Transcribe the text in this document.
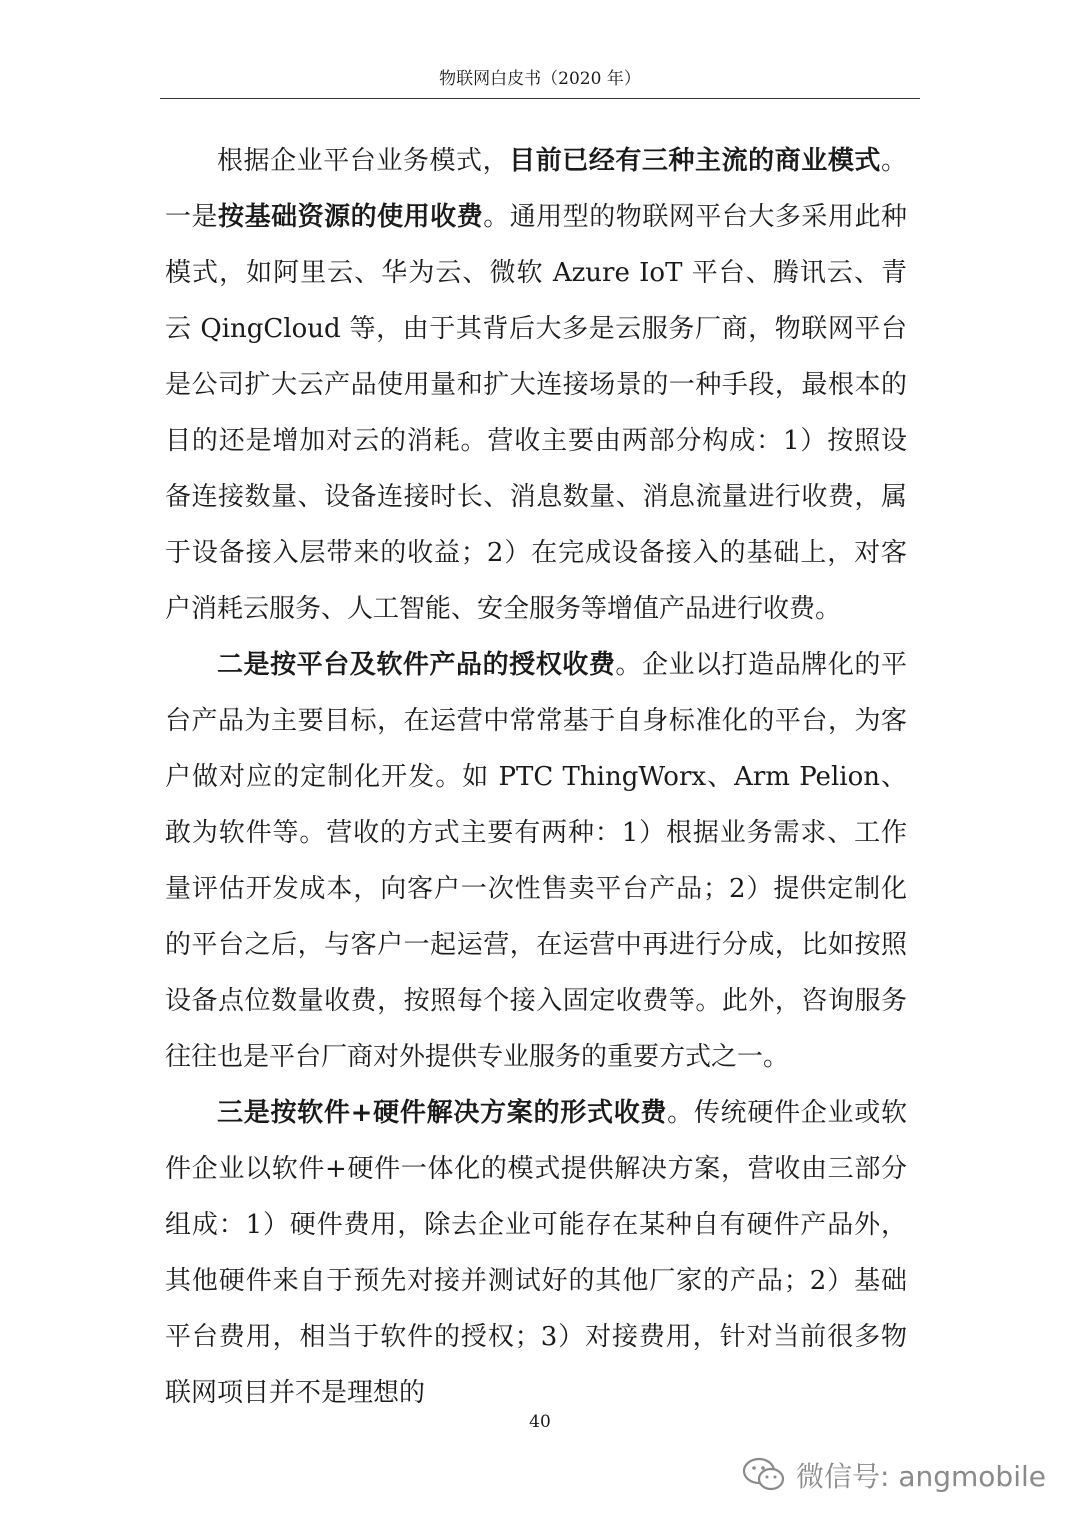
物联网白皮书（2020 年）

根据企业平台业务模式，目前已经有三种主流的商业模式。一是按基础资源的使用收费。通用型的物联网平台大多采用此种模式，如阿里云、华为云、微软 Azure IoT 平台、腾讯云、青云 QingCloud 等，由于其背后大多是云服务厂商，物联网平台是公司扩大云产品使用量和扩大连接场景的一种手段，最根本的目的还是增加对云的消耗。营收主要由两部分构成：1）按照设备连接数量、设备连接时长、消息数量、消息流量进行收费，属于设备接入层带来的收益；2）在完成设备接入的基础上，对客户消耗云服务、人工智能、安全服务等增值产品进行收费。

二是按平台及软件产品的授权收费。企业以打造品牌化的平台产品为主要目标，在运营中常常基于自身标准化的平台，为客户做对应的定制化开发。如 PTC ThingWorx、Arm Pelion、敢为软件等。营收的方式主要有两种：1）根据业务需求、工作量评估开发成本，向客户一次性售卖平台产品；2）提供定制化的平台之后，与客户一起运营，在运营中再进行分成，比如按照设备点位数量收费，按照每个接入固定收费等。此外，咨询服务往往也是平台厂商对外提供专业服务的重要方式之一。

三是按软件+硬件解决方案的形式收费。传统硬件企业或软件企业以软件+硬件一体化的模式提供解决方案，营收由三部分组成：1）硬件费用，除去企业可能存在某种自有硬件产品外，其他硬件来自于预先对接并测试好的其他厂家的产品；2）基础平台费用，相当于软件的授权；3）对接费用，针对当前很多物联网项目并不是理想的

40
微信号: angmobile
